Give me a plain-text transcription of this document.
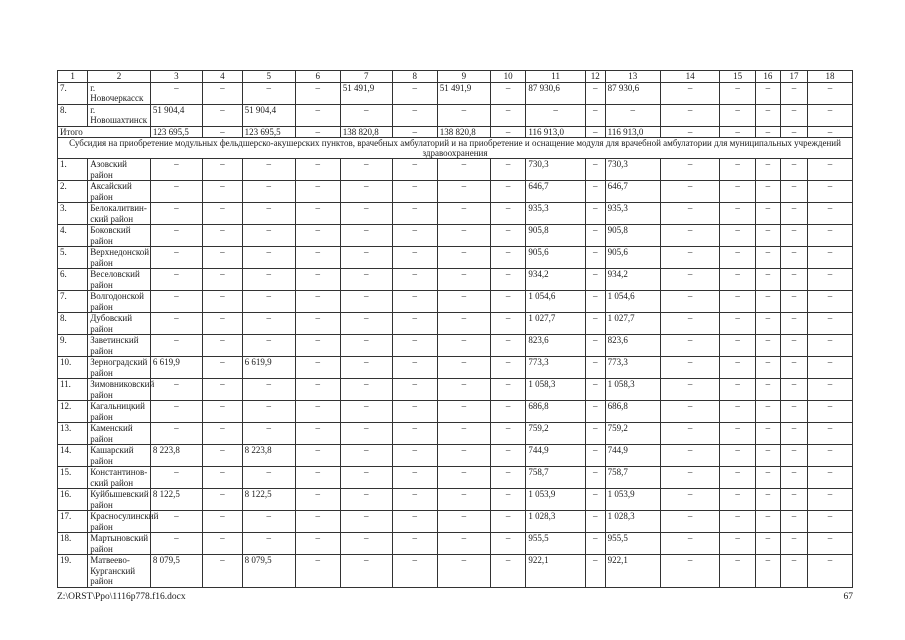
1	2	3	4	5	6	7	8	9	10	11	12	13	14	15	16	17	18
7.	г. Новочеркасск	–	–	–	–	51 491,9	–	51 491,9	–	87 930,6	–	87 930,6	–	–	–	–	–
8.	г. Новошахтинск	51 904,4	–	51 904,4	–	–	–	–	–	–	–	–	–	–	–	–	–
Итого		123 695,5	–	123 695,5	–	138 820,8	–	138 820,8	–	116 913,0	–	116 913,0	–	–	–	–	–
Субсидия на приобретение модульных фельдшерско-акушерских пунктов, врачебных амбулаторий и на приобретение и оснащение модуля для врачебной амбулатории для муниципальных учреждений здравоохранения																	
1.	Азовский район	–	–	–	–	–	–	–	–	730,3	–	730,3	–	–	–	–	–
2.	Аксайский район	–	–	–	–	–	–	–	–	646,7	–	646,7	–	–	–	–	–
3.	Белокалитвин-ский район	–	–	–	–	–	–	–	–	935,3	–	935,3	–	–	–	–	–
4.	Боковский район	–	–	–	–	–	–	–	–	905,8	–	905,8	–	–	–	–	–
5.	Верхнедонской район	–	–	–	–	–	–	–	–	905,6	–	905,6	–	–	–	–	–
6.	Веселовский район	–	–	–	–	–	–	–	–	934,2	–	934,2	–	–	–	–	–
7.	Волгодонской район	–	–	–	–	–	–	–	–	1 054,6	–	1 054,6	–	–	–	–	–
8.	Дубовский район	–	–	–	–	–	–	–	–	1 027,7	–	1 027,7	–	–	–	–	–
9.	Заветинский район	–	–	–	–	–	–	–	–	823,6	–	823,6	–	–	–	–	–
10.	Зерноградский район	6 619,9	–	6 619,9	–	–	–	–	–	773,3	–	773,3	–	–	–	–	–
11.	Зимовниковский район	–	–	–	–	–	–	–	–	1 058,3	–	1 058,3	–	–	–	–	–
12.	Кагальницкий район	–	–	–	–	–	–	–	–	686,8	–	686,8	–	–	–	–	–
13.	Каменский район	–	–	–	–	–	–	–	–	759,2	–	759,2	–	–	–	–	–
14.	Кашарский район	8 223,8	–	8 223,8	–	–	–	–	–	744,9	–	744,9	–	–	–	–	–
15.	Константинов-ский район	–	–	–	–	–	–	–	–	758,7	–	758,7	–	–	–	–	–
16.	Куйбышевский район	8 122,5	–	8 122,5	–	–	–	–	–	1 053,9	–	1 053,9	–	–	–	–	–
17.	Красносулинский район	–	–	–	–	–	–	–	–	1 028,3	–	1 028,3	–	–	–	–	–
18.	Мартыновский район	–	–	–	–	–	–	–	–	955,5	–	955,5	–	–	–	–	–
19.	Матвеево-Курганский район	8 079,5	–	8 079,5	–	–	–	–	–	922,1	–	922,1	–	–	–	–	–
Z:\ORST\Ppo\1116p778.f16.docx	67
